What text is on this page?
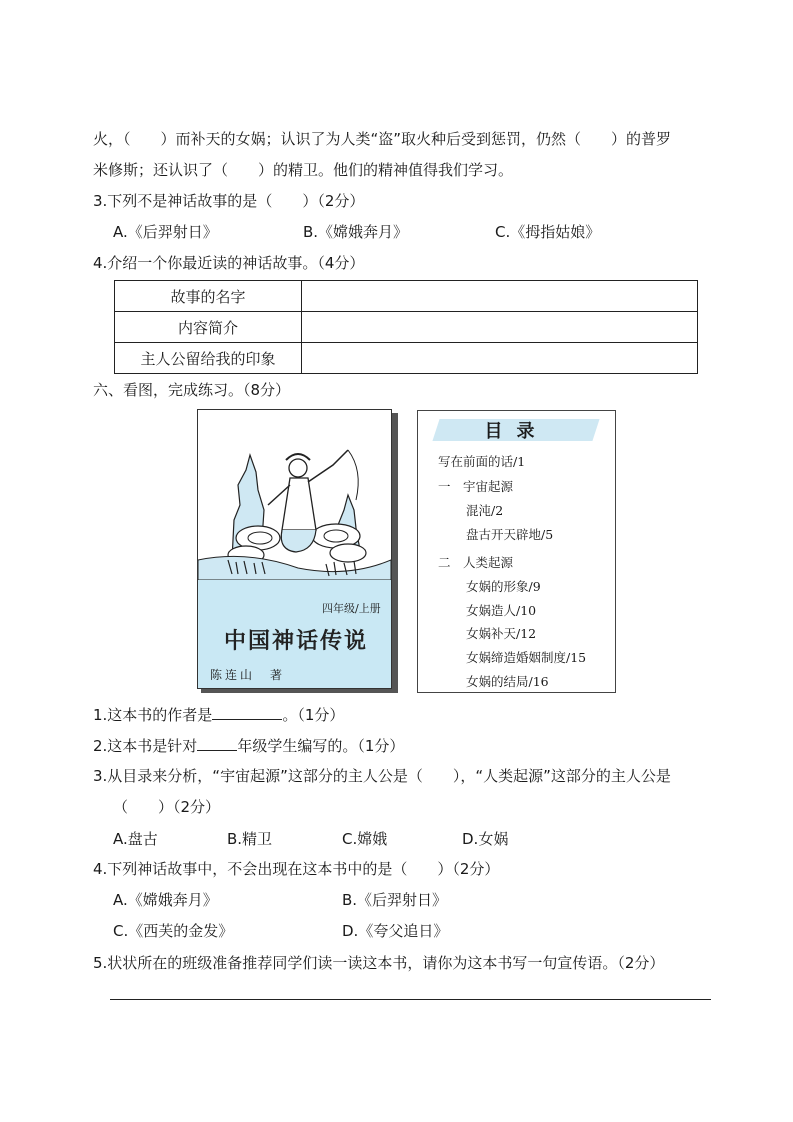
火，（　　）而补天的女娲；认识了为人类“盗”取火种后受到惩罚，仍然（　　）的普罗
米修斯；还认识了（　　）的精卫。他们的精神值得我们学习。
3.下列不是神话故事的是（　　）（2分）
A.《后羿射日》	B.《嫦娥奔月》	C.《拇指姑娘》
4.介绍一个你最近读的神话故事。（4分）
故事的名字	
内容简介	
主人公留给我的印象	
六、看图，完成练习。（8分）
四年级/上册
中国神话传说
陈连山　著
目录
写在前面的话/1
一　宇宙起源
混沌/2
盘古开天辟地/5
二　人类起源
女娲的形象/9
女娲造人/10
女娲补天/12
女娲缔造婚姻制度/15
女娲的结局/16
1.这本书的作者是	。（1分）
2.这本书是针对	年级学生编写的。（1分）
3.从目录来分析，“宇宙起源”这部分的主人公是（　　），“人类起源”这部分的主人公是
（　　）（2分）
A.盘古	B.精卫	C.嫦娥	D.女娲
4.下列神话故事中，不会出现在这本书中的是（　　）（2分）
A.《嫦娥奔月》	B.《后羿射日》
C.《西芙的金发》	D.《夸父追日》
5.状状所在的班级准备推荐同学们读一读这本书，请你为这本书写一句宣传语。（2分）
